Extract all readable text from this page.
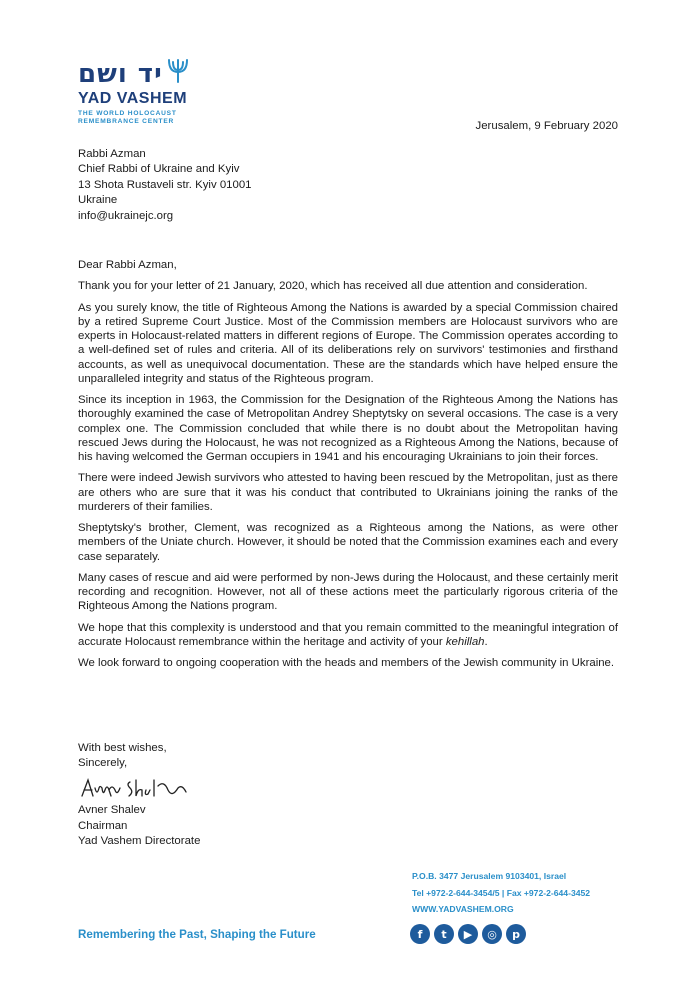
יד ושם
YAD VASHEM
THE WORLD HOLOCAUST
REMEMBRANCE CENTER	Jerusalem, 9 February 2020
Rabbi Azman
Chief Rabbi of Ukraine and Kyiv
13 Shota Rustaveli str. Kyiv 01001
Ukraine
info@ukrainejc.org
Dear Rabbi Azman,

Thank you for your letter of 21 January, 2020, which has received all due attention and consideration.

As you surely know, the title of Righteous Among the Nations is awarded by a special Commission chaired by a retired Supreme Court Justice. Most of the Commission members are Holocaust survivors who are experts in Holocaust-related matters in different regions of Europe. The Commission operates according to a well-defined set of rules and criteria. All of its deliberations rely on survivors' testimonies and firsthand accounts, as well as unequivocal documentation. These are the standards which have helped ensure the unparalleled integrity and status of the Righteous program.

Since its inception in 1963, the Commission for the Designation of the Righteous Among the Nations has thoroughly examined the case of Metropolitan Andrey Sheptytsky on several occasions. The case is a very complex one. The Commission concluded that while there is no doubt about the Metropolitan having rescued Jews during the Holocaust, he was not recognized as a Righteous Among the Nations, because of his having welcomed the German occupiers in 1941 and his encouraging Ukrainians to join their forces.

There were indeed Jewish survivors who attested to having been rescued by the Metropolitan, just as there are others who are sure that it was his conduct that contributed to Ukrainians joining the ranks of the murderers of their families.

Sheptytsky's brother, Clement, was recognized as a Righteous among the Nations, as were other members of the Uniate church. However, it should be noted that the Commission examines each and every case separately.

Many cases of rescue and aid were performed by non-Jews during the Holocaust, and these certainly merit recording and recognition. However, not all of these actions meet the particularly rigorous criteria of the Righteous Among the Nations program.

We hope that this complexity is understood and that you remain committed to the meaningful integration of accurate Holocaust remembrance within the heritage and activity of your kehillah.

We look forward to ongoing cooperation with the heads and members of the Jewish community in Ukraine.

With best wishes,
Sincerely,
Avner Shalev
Chairman
Yad Vashem Directorate
P.O.B. 3477 Jerusalem 9103401, Israel
Tel +972-2-644-3454/5 | Fax +972-2-644-3452
WWW.YADVASHEM.ORG
Remembering the Past, Shaping the Future	f	t	▶	◎	p
